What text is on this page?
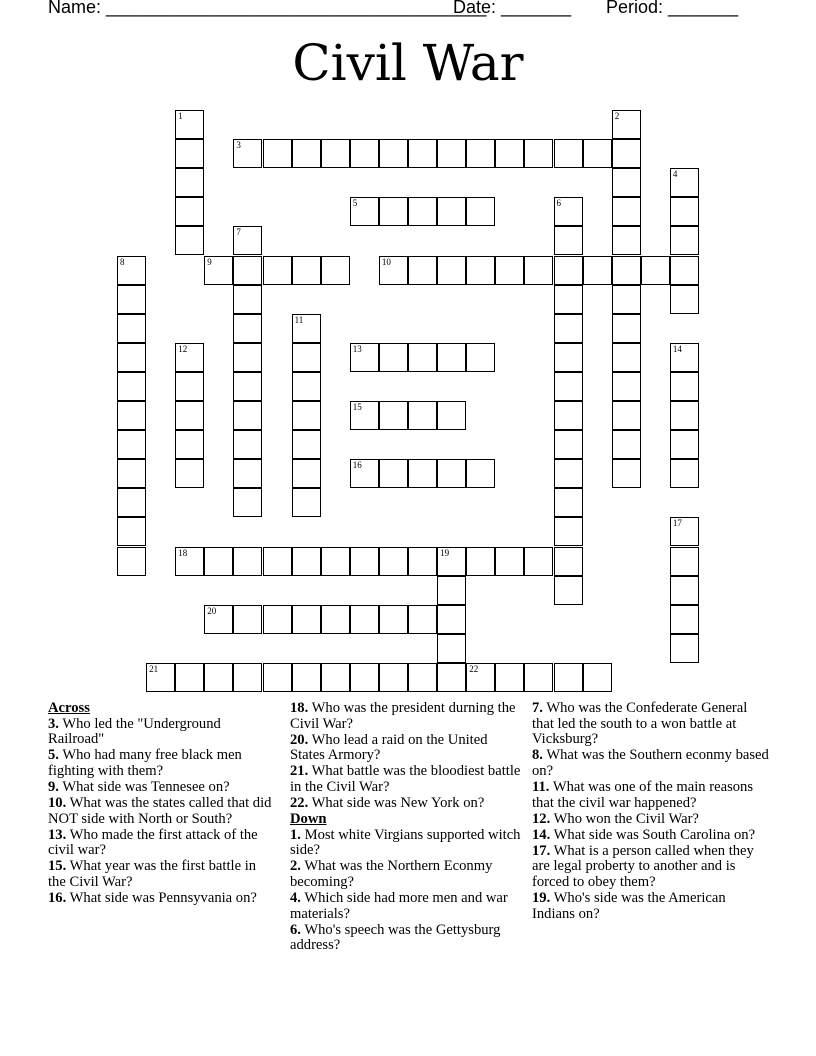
Name: ______________________________________
Date: _______ Period: _______
Civil War
1	2
3
4
5	6
7
8	9	10
11
12	13	14
15
16
17
18	19
20
21	22
Across
3. Who led the "Underground Railroad"
5. Who had many free black men fighting with them?
9. What side was Tennesee on?
10. What was the states called that did NOT side with North or South?
13. Who made the first attack of the civil war?
15. What year was the first battle in the Civil War?
16. What side was Pennsyvania on?
18. Who was the president durning the Civil War?
20. Who lead a raid on the United States Armory?
21. What battle was the bloodiest battle in the Civil War?
22. What side was New York on?
Down
1. Most white Virgians supported witch side?
2. What was the Northern Econmy becoming?
4. Which side had more men and war materials?
6. Who's speech was the Gettysburg address?
7. Who was the Confederate General that led the south to a won battle at Vicksburg?
8. What was the Southern econmy based on?
11. What was one of the main reasons that the civil war happened?
12. Who won the Civil War?
14. What side was South Carolina on?
17. What is a person called when they are legal proberty to another and is forced to obey them?
19. Who's side was the American Indians on?
